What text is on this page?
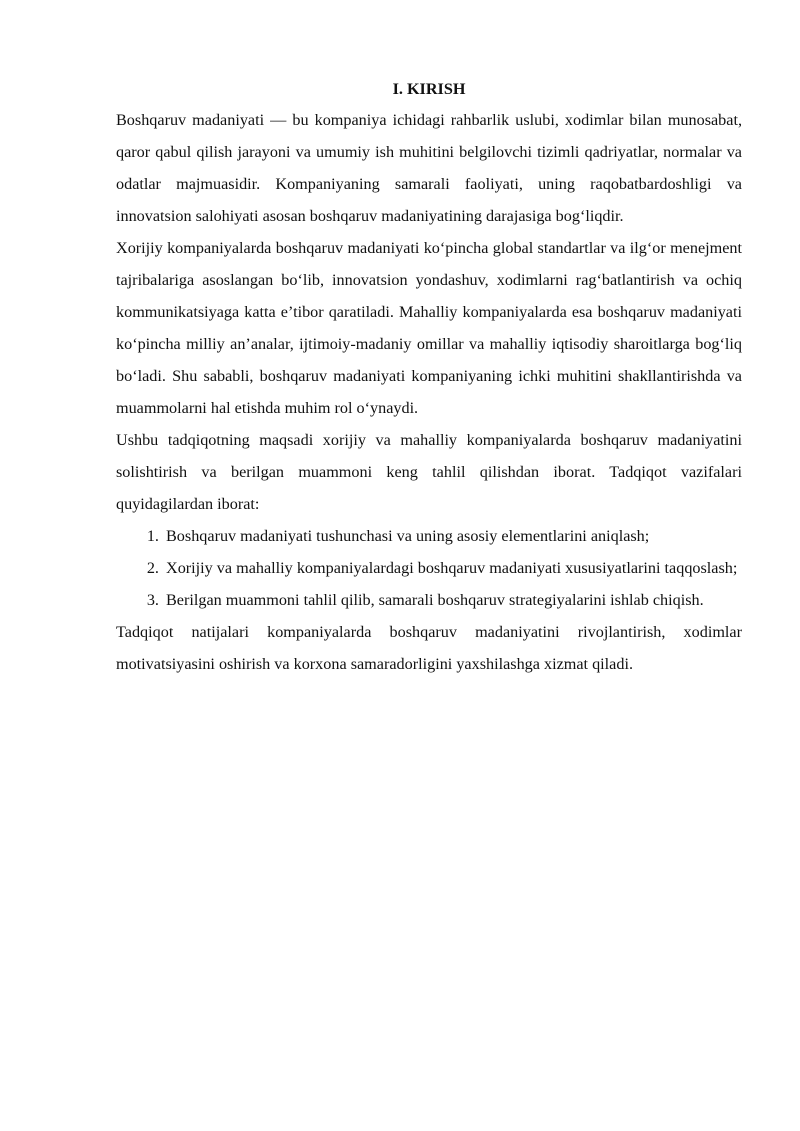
I. KIRISH

Boshqaruv madaniyati — bu kompaniya ichidagi rahbarlik uslubi, xodimlar bilan munosabat, qaror qabul qilish jarayoni va umumiy ish muhitini belgilovchi tizimli qadriyatlar, normalar va odatlar majmuasidir. Kompaniyaning samarali faoliyati, uning raqobatbardoshligi va innovatsion salohiyati asosan boshqaruv madaniyatining darajasiga bog‘liqdir.

Xorijiy kompaniyalarda boshqaruv madaniyati ko‘pincha global standartlar va ilg‘or menejment tajribalariga asoslangan bo‘lib, innovatsion yondashuv, xodimlarni rag‘batlantirish va ochiq kommunikatsiyaga katta e’tibor qaratiladi. Mahalliy kompaniyalarda esa boshqaruv madaniyati ko‘pincha milliy an’analar, ijtimoiy-madaniy omillar va mahalliy iqtisodiy sharoitlarga bog‘liq bo‘ladi. Shu sababli, boshqaruv madaniyati kompaniyaning ichki muhitini shakllantirishda va muammolarni hal etishda muhim rol o‘ynaydi.

Ushbu tadqiqotning maqsadi xorijiy va mahalliy kompaniyalarda boshqaruv madaniyatini solishtirish va berilgan muammoni keng tahlil qilishdan iborat. Tadqiqot vazifalari quyidagilardan iborat:

1. Boshqaruv madaniyati tushunchasi va uning asosiy elementlarini aniqlash;
2. Xorijiy va mahalliy kompaniyalardagi boshqaruv madaniyati xususiyatlarini taqqoslash;
3. Berilgan muammoni tahlil qilib, samarali boshqaruv strategiyalarini ishlab chiqish.

Tadqiqot natijalari kompaniyalarda boshqaruv madaniyatini rivojlantirish, xodimlar motivatsiyasini oshirish va korxona samaradorligini yaxshilashga xizmat qiladi.
